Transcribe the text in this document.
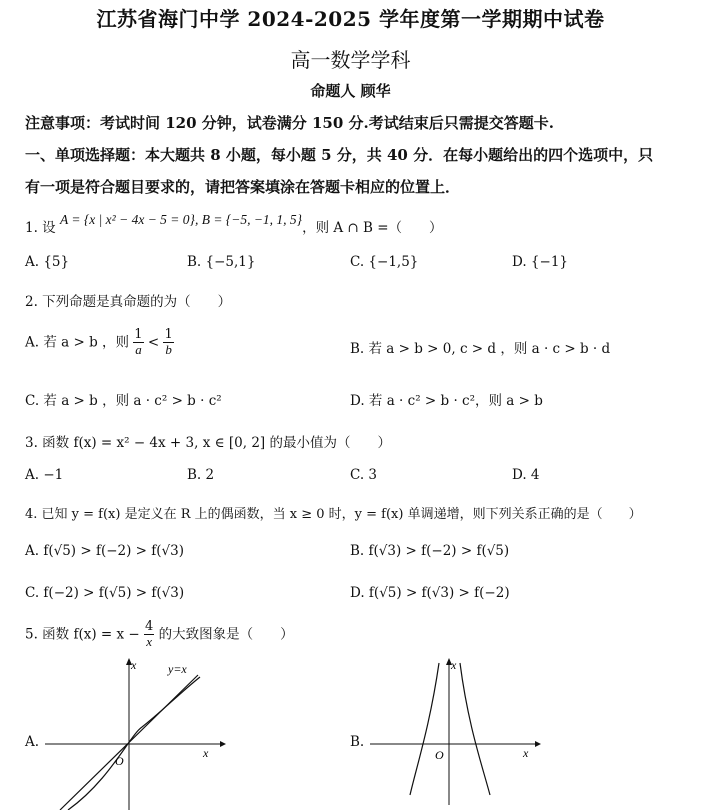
江苏省海门中学 2024-2025 学年度第一学期期中试卷
高一数学学科
命题人 顾华
注意事项：考试时间 120 分钟，试卷满分 150 分.考试结束后只需提交答题卡.
一、单项选择题：本大题共 8 小题，每小题 5 分，共 40 分．在每小题给出的四个选项中，只
有一项是符合题目要求的，请把答案填涂在答题卡相应的位置上．
1. 设 A = {x | x² − 4x − 5 = 0}, B = {−5, −1, 1, 5}，则 A ∩ B =（　　）
A. {5}	B. {−5,1}	C. {−1,5}	D. {−1}
2. 下列命题是真命题的为（　　）
A. 若 a > b ，则 $\frac{1}{a} < \frac{1}{b}$	B. 若 a > b > 0, c > d ，则 a · c > b · d
C. 若 a > b ，则 a · c² > b · c²	D. 若 a · c² > b · c²，则 a > b
3. 函数 f(x) = x² − 4x + 3, x ∈ [0, 2] 的最小值为（　　）
A. −1	B. 2	C. 3	D. 4
4. 已知 y = f(x) 是定义在 R 上的偶函数，当 x ≥ 0 时，y = f(x) 单调递增，则下列关系正确的是（　　）
A. f(√5) > f(−2) > f(√3)	B. f(√3) > f(−2) > f(√5)
C. f(−2) > f(√5) > f(√3)	D. f(√5) > f(√3) > f(−2)
5. 函数 $f(x) = x - \frac{4}{x}$ 的大致图象是（　　）
A.
x
x
O
y=x
B.
x
x
O
